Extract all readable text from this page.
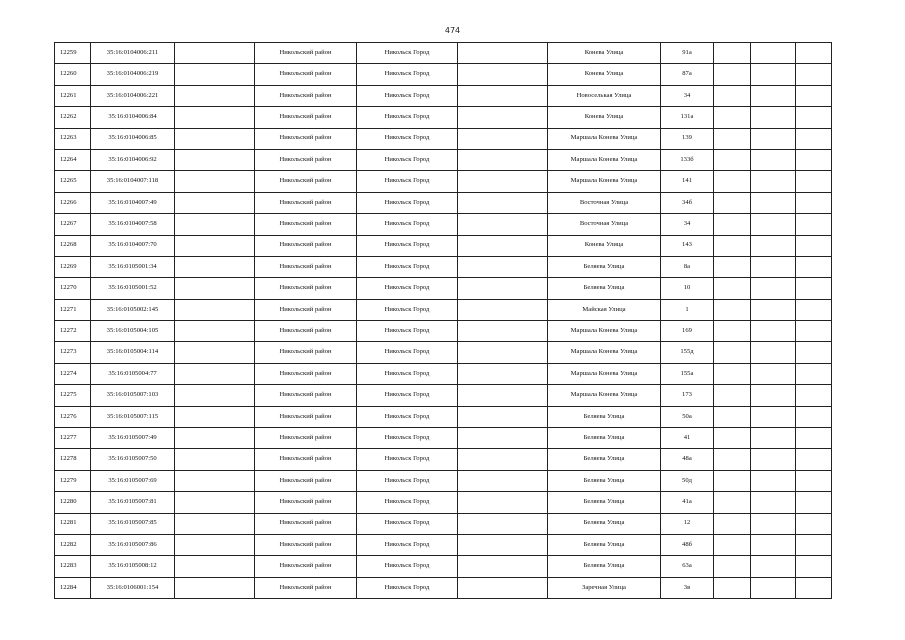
474
12259	35:16:0104006:211		Никольский район	Никольск Город		Конева Улица	91а			
12260	35:16:0104006:219		Никольский район	Никольск Город		Конева Улица	87а			
12261	35:16:0104006:221		Никольский район	Никольск Город		Новоселькая Улица	34			
12262	35:16:0104006:84		Никольский район	Никольск Город		Конева Улица	131а			
12263	35:16:0104006:85		Никольский район	Никольск Город		Маршала Конева Улица	139			
12264	35:16:0104006:92		Никольский район	Никольск Город		Маршала Конева Улица	133б			
12265	35:16:0104007:118		Никольский район	Никольск Город		Маршала Конева Улица	141			
12266	35:16:0104007:49		Никольский район	Никольск Город		Восточная Улица	34б			
12267	35:16:0104007:58		Никольский район	Никольск Город		Восточная Улица	34			
12268	35:16:0104007:70		Никольский район	Никольск Город		Конева Улица	143			
12269	35:16:0105001:34		Никольский район	Никольск Город		Беляева Улица	8а			
12270	35:16:0105001:52		Никольский район	Никольск Город		Беляева Улица	10			
12271	35:16:0105002:145		Никольский район	Никольск Город		Майская Улица	1			
12272	35:16:0105004:105		Никольский район	Никольск Город		Маршала Конева Улица	169			
12273	35:16:0105004:114		Никольский район	Никольск Город		Маршала Конева Улица	155д			
12274	35:16:0105004:77		Никольский район	Никольск Город		Маршала Конева Улица	155а			
12275	35:16:0105007:103		Никольский район	Никольск Город		Маршала Конева Улица	173			
12276	35:16:0105007:115		Никольский район	Никольск Город		Беляева Улица	50а			
12277	35:16:0105007:49		Никольский район	Никольск Город		Беляева Улица	41			
12278	35:16:0105007:50		Никольский район	Никольск Город		Беляева Улица	48а			
12279	35:16:0105007:69		Никольский район	Никольск Город		Беляева Улица	50д			
12280	35:16:0105007:81		Никольский район	Никольск Город		Беляева Улица	41а			
12281	35:16:0105007:85		Никольский район	Никольск Город		Беляева Улица	12			
12282	35:16:0105007:86		Никольский район	Никольск Город		Беляева Улица	48б			
12283	35:16:0105008:12		Никольский район	Никольск Город		Беляева Улица	63а			
12284	35:16:0106001:154		Никольский район	Никольск Город		Заречная Улица	3в			
